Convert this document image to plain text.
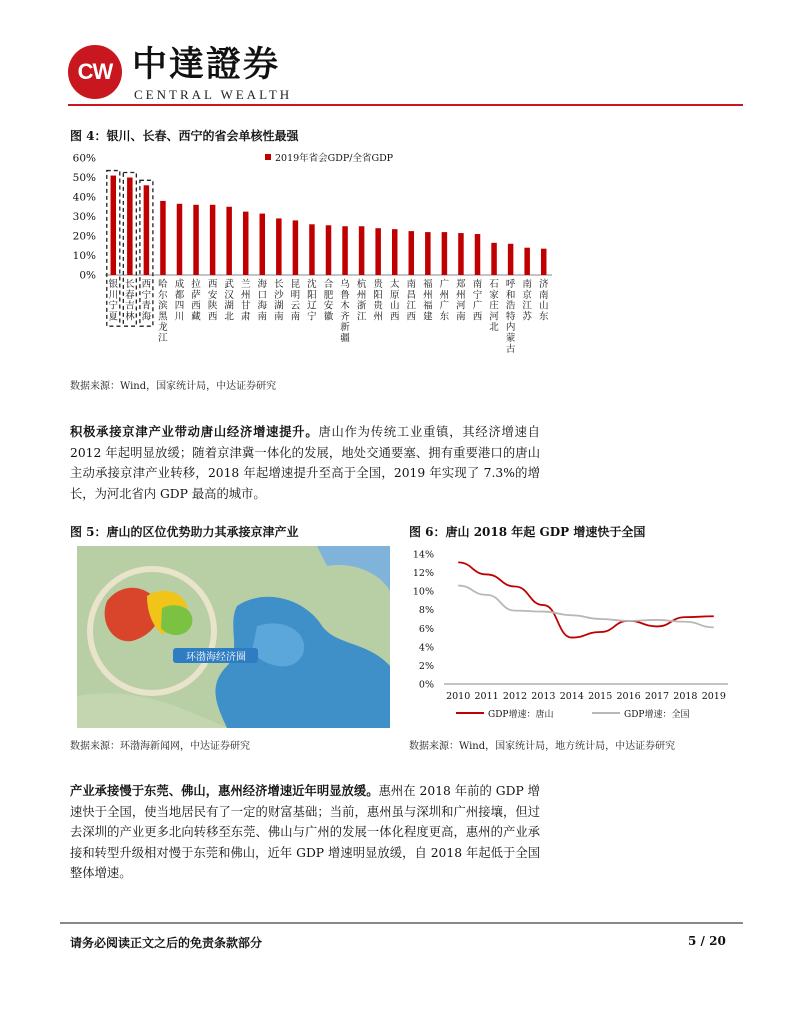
CW 中達證券
CENTRAL WEALTH
图 4：银川、长春、西宁的省会单核性最强
0%
10%
20%
30%
40%
50%
60%
银川宁夏
长春吉林
西宁青海
哈尔滨黑龙江
成都四川
拉萨西藏
西安陕西
武汉湖北
兰州甘肃
海口海南
长沙湖南
昆明云南
沈阳辽宁
合肥安徽
乌鲁木齐新疆
杭州浙江
贵阳贵州
太原山西
南昌江西
福州福建
广州广东
郑州河南
南宁广西
石家庄河北
呼和浩特内蒙古
南京江苏
济南山东
2019年省会GDP/全省GDP
数据来源：Wind，国家统计局，中达证券研究
积极承接京津产业带动唐山经济增速提升。唐山作为传统工业重镇，其经济增速自 2012 年起明显放缓；随着京津冀一体化的发展，地处交通要塞、拥有重要港口的唐山主动承接京津产业转移，2018 年起增速提升至高于全国，2019 年实现了 7.3%的增长，为河北省内 GDP 最高的城市。
图 5：唐山的区位优势助力其承接京津产业
环渤海经济圈
数据来源：环渤海新闻网，中达证券研究
图 6：唐山 2018 年起 GDP 增速快于全国
0%
2%
4%
6%
8%
10%
12%
14%
2010 2011 2012 2013 2014 2015 2016 2017 2018 2019
GDP增速：唐山	GDP增速：全国
数据来源：Wind，国家统计局，地方统计局，中达证券研究
产业承接慢于东莞、佛山，惠州经济增速近年明显放缓。惠州在 2018 年前的 GDP 增速快于全国，使当地居民有了一定的财富基础；当前，惠州虽与深圳和广州接壤，但过去深圳的产业更多北向转移至东莞、佛山与广州的发展一体化程度更高，惠州的产业承接和转型升级相对慢于东莞和佛山，近年 GDP 增速明显放缓，自 2018 年起低于全国整体增速。
请务必阅读正文之后的免责条款部分	5 / 20
